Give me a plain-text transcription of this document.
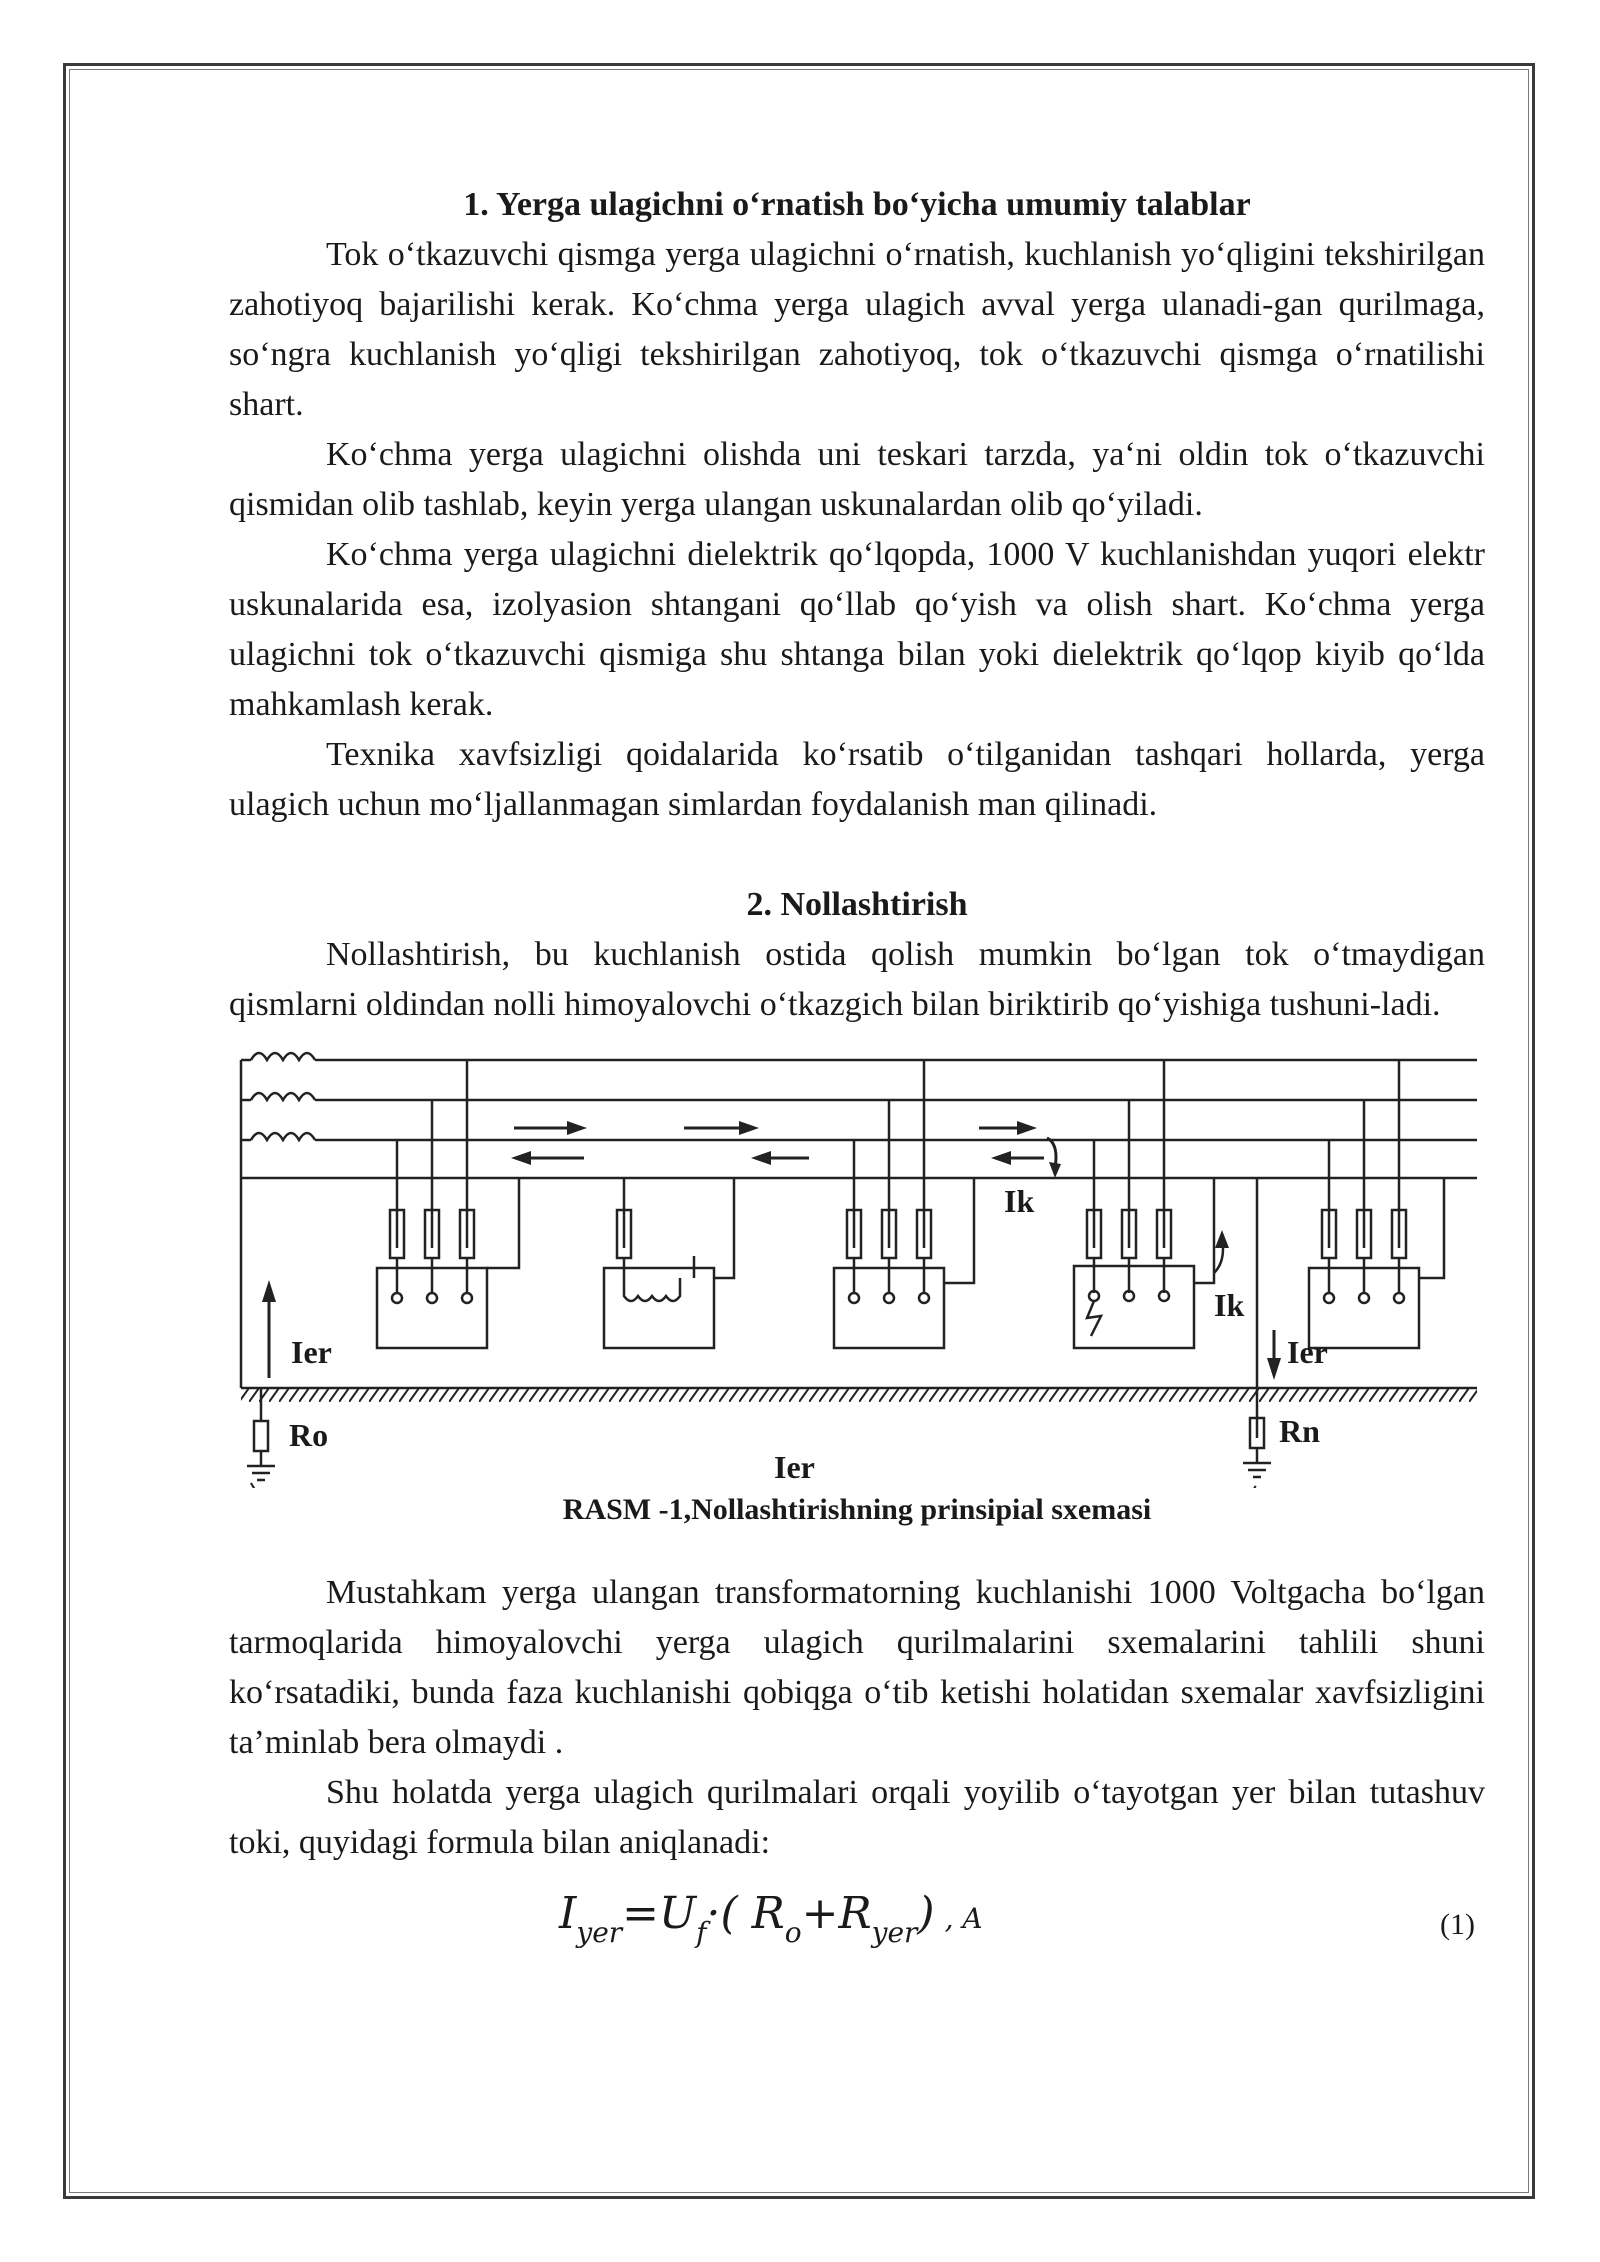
1. Yerga ulagichni o‘rnatish bo‘yicha umumiy talablar

Tok o‘tkazuvchi qismga yerga ulagichni o‘rnatish, kuchlanish yo‘qligini tekshirilgan zahotiyoq bajarilishi kerak. Ko‘chma yerga ulagich avval yerga ulanadi-gan qurilmaga, so‘ngra kuchlanish yo‘qligi tekshirilgan zahotiyoq, tok o‘tkazuvchi qismga o‘rnatilishi shart.

Ko‘chma yerga ulagichni olishda uni teskari tarzda, ya‘ni oldin tok o‘tkazuvchi qismidan olib tashlab, keyin yerga ulangan uskunalardan olib qo‘yiladi.

Ko‘chma yerga ulagichni dielektrik qo‘lqopda, 1000 V kuchlanishdan yuqori elektr uskunalarida esa, izolyasion shtangani qo‘llab qo‘yish va olish shart. Ko‘chma yerga ulagichni tok o‘tkazuvchi qismiga shu shtanga bilan yoki dielektrik qo‘lqop kiyib qo‘lda mahkamlash kerak.

Texnika xavfsizligi qoidalarida ko‘rsatib o‘tilganidan tashqari hollarda, yerga ulagich uchun mo‘ljallanmagan simlardan foydalanish man qilinadi.

2. Nollashtirish

Nollashtirish, bu kuchlanish ostida qolish mumkin bo‘lgan tok o‘tmaydigan qismlarni oldindan nolli himoyalovchi o‘tkazgich bilan biriktirib qo‘yishiga tushuni-ladi.

Ier	Ier
Ier
Ro	Rn
Ik
Ik
RASM -1,Nollashtirishning prinsipial sxemasi

Mustahkam yerga ulangan transformatorning kuchlanishi 1000 Voltgacha bo‘lgan tarmoqlarida himoyalovchi yerga ulagich qurilmalarini sxemalarini tahlili shuni ko‘rsatadiki, bunda faza kuchlanishi qobiqga o‘tib ketishi holatidan sxemalar xavfsizligini ta’minlab bera olmaydi .

Shu holatda yerga ulagich qurilmalari orqali yoyilib o‘tayotgan yer bilan tutashuv toki, quyidagi formula bilan aniqlanadi:

$I_{yer}=U_f\cdot$( $R_o+R_{yer}$) , A	(1)
